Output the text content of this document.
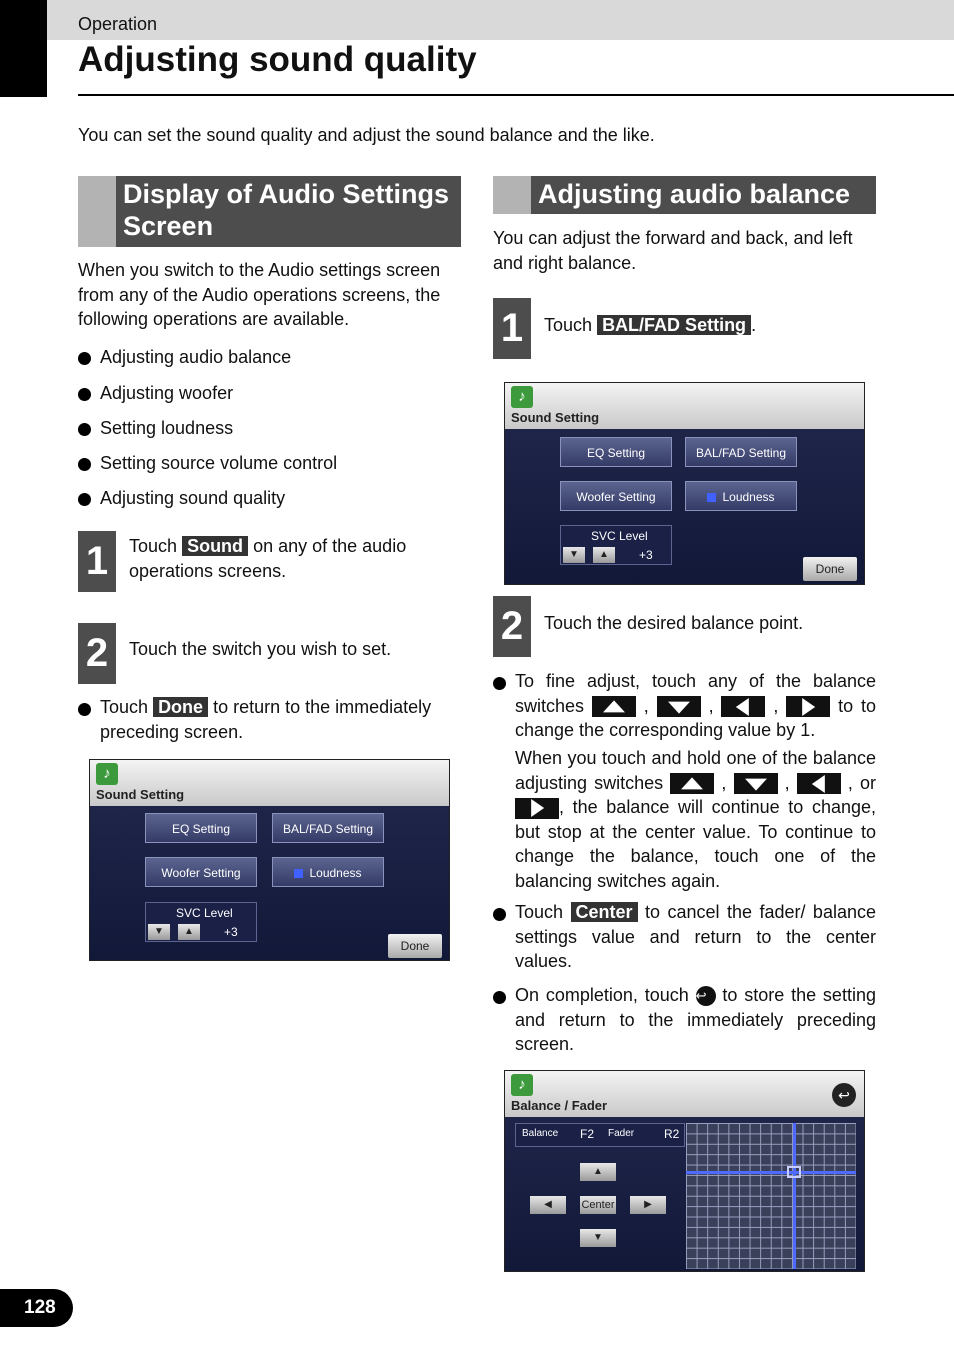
Operation
Adjusting sound quality
You can set the sound quality and adjust the sound balance and the like.
Display of Audio Settings Screen
When you switch to the Audio settings screen from any of the Audio operations screens, the following operations are available.
Adjusting audio balance
Adjusting woofer
Setting loudness
Setting source volume control
Adjusting sound quality
1	Touch Sound on any of the audio operations screens.
2	Touch the switch you wish to set.
Touch Done to return to the immediately preceding screen.
♪
Sound Setting
EQ Setting	BAL/FAD Setting
Woofer Setting	Loudness
SVC Level
▼	▲	+3
Done
Adjusting audio balance
You can adjust the forward and back, and left and right balance.
1	Touch BAL/FAD Setting .
♪
Sound Setting
EQ Setting	BAL/FAD Setting
Woofer Setting	Loudness
SVC Level
▼	▲	+3
Done
2	Touch the desired balance point.
To fine adjust, touch any of the balance switches	,
,
,
to to change the corresponding value by 1.
When you touch and hold one of the balance adjusting switches	,
,
, or
, the balance will continue to change, but stop at the center value. To continue to change the balance, touch one of the balancing switches again.
Touch Center to cancel the fader/ balance settings value and return to the center values.
On completion, touch ↩ to store the setting and return to the immediately preceding screen.
♪
Balance / Fader
↩
Balance F2 Fader R2
▲
◀	Center	▶
▼
128
